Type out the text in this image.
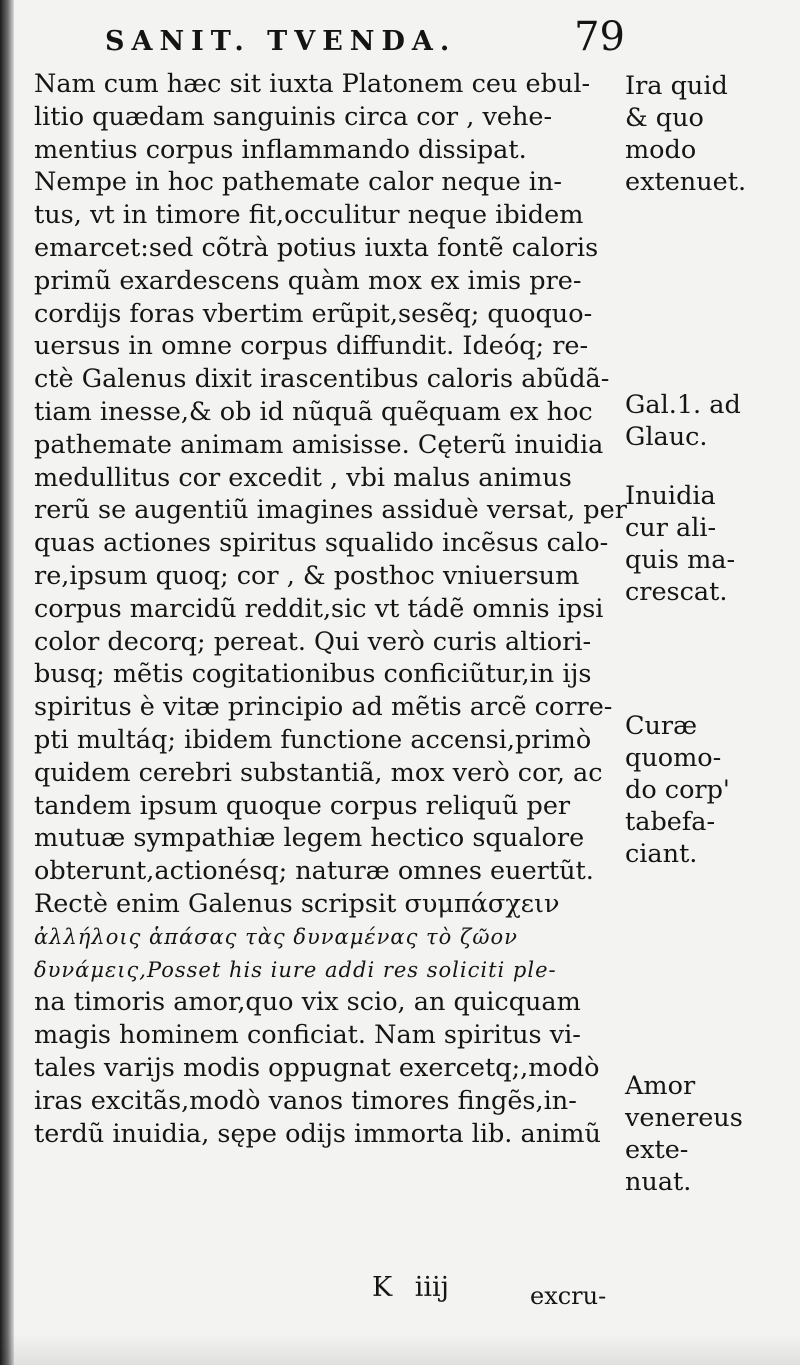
SANIT. TVENDA.	79
Nam cum hæc sit iuxta Platonem ceu ebul-
litio quædam sanguinis circa cor , vehe-
mentius corpus inflammando dissipat.
Nempe in hoc pathemate calor neque in-
tus, vt in timore fit,occulitur neque ibidem
emarcet:sed cõtrà potius iuxta fontẽ caloris
primũ exardescens quàm mox ex imis pre-
cordijs foras vbertim erũpit,sesẽq; quoquo-
uersus in omne corpus diffundit. Ideóq; re-
ctè Galenus dixit irascentibus caloris abũdã-
tiam inesse,& ob id nũquã quẽquam ex hoc
pathemate animam amisisse. Cęterũ inuidia
medullitus cor excedit , vbi malus animus
rerũ se augentiũ imagines assiduè versat, per
quas actiones spiritus squalido incẽsus calo-
re,ipsum quoq; cor , & posthoc vniuersum
corpus marcidũ reddit,sic vt tádẽ omnis ipsi
color decorq; pereat. Qui verò curis altiori-
busq; mẽtis cogitationibus conficiũtur,in ijs
spiritus è vitæ principio ad mẽtis arcẽ corre-
pti multáq; ibidem functione accensi,primò
quidem cerebri substantiã, mox verò cor, ac
tandem ipsum quoque corpus reliquũ per
mutuæ sympathiæ legem hectico squalore
obterunt,actionésq; naturæ omnes euertũt.
Rectè enim Galenus scripsit συμπάσχειν
ἀλλήλοις ἁπάσας τὰς δυναμένας τὸ ζῶον
δυνάμεις,Posset his iure addi res soliciti ple-
na timoris amor,quo vix scio, an quicquam
magis hominem conficiat. Nam spiritus vi-
tales varijs modis oppugnat exercetq;,modò
iras excitãs,modò vanos timores fingẽs,in-
terdũ inuidia, sępe odijs immorta lib. animũ
Ira quid
& quo
modo
extenuet.
Gal.1. ad
Glauc.
Inuidia
cur ali-
quis ma-
crescat.
Curæ
quomo-
do corp'
tabefa-
ciant.
Amor
venereus
exte-
nuat.
K iiij	excru-
